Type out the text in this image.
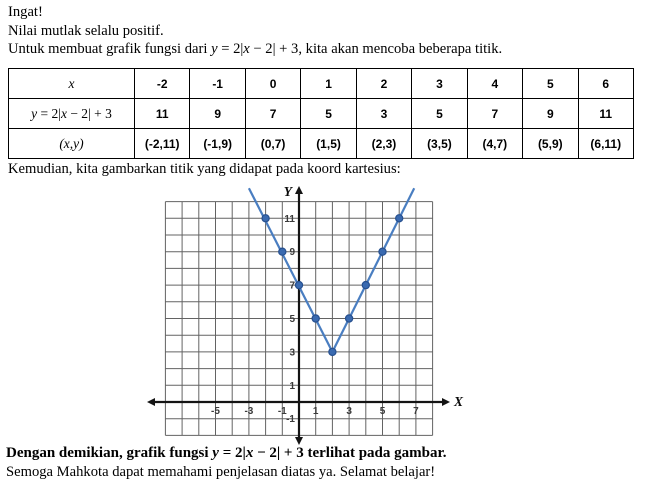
Ingat!
Nilai mutlak selalu positif.
Untuk membuat grafik fungsi dari y = 2|x − 2| + 3, kita akan mencoba beberapa titik.
x	-2	-1	0	1	2	3	4	5	6
y = 2|x − 2| + 3	11	9	7	5	3	5	7	9	11
(x,y)	(-2,11)	(-1,9)	(0,7)	(1,5)	(2,3)	(3,5)	(4,7)	(5,9)	(6,11)
Kemudian, kita gambarkan titik yang didapat pada koord kartesius:
-5 -3 -1	1	3	5	7
11
9
7
5
3
1
-1
X
Y
Dengan demikian, grafik fungsi y = 2|x − 2| + 3 terlihat pada gambar.
Semoga Mahkota dapat memahami penjelasan diatas ya. Selamat belajar!
